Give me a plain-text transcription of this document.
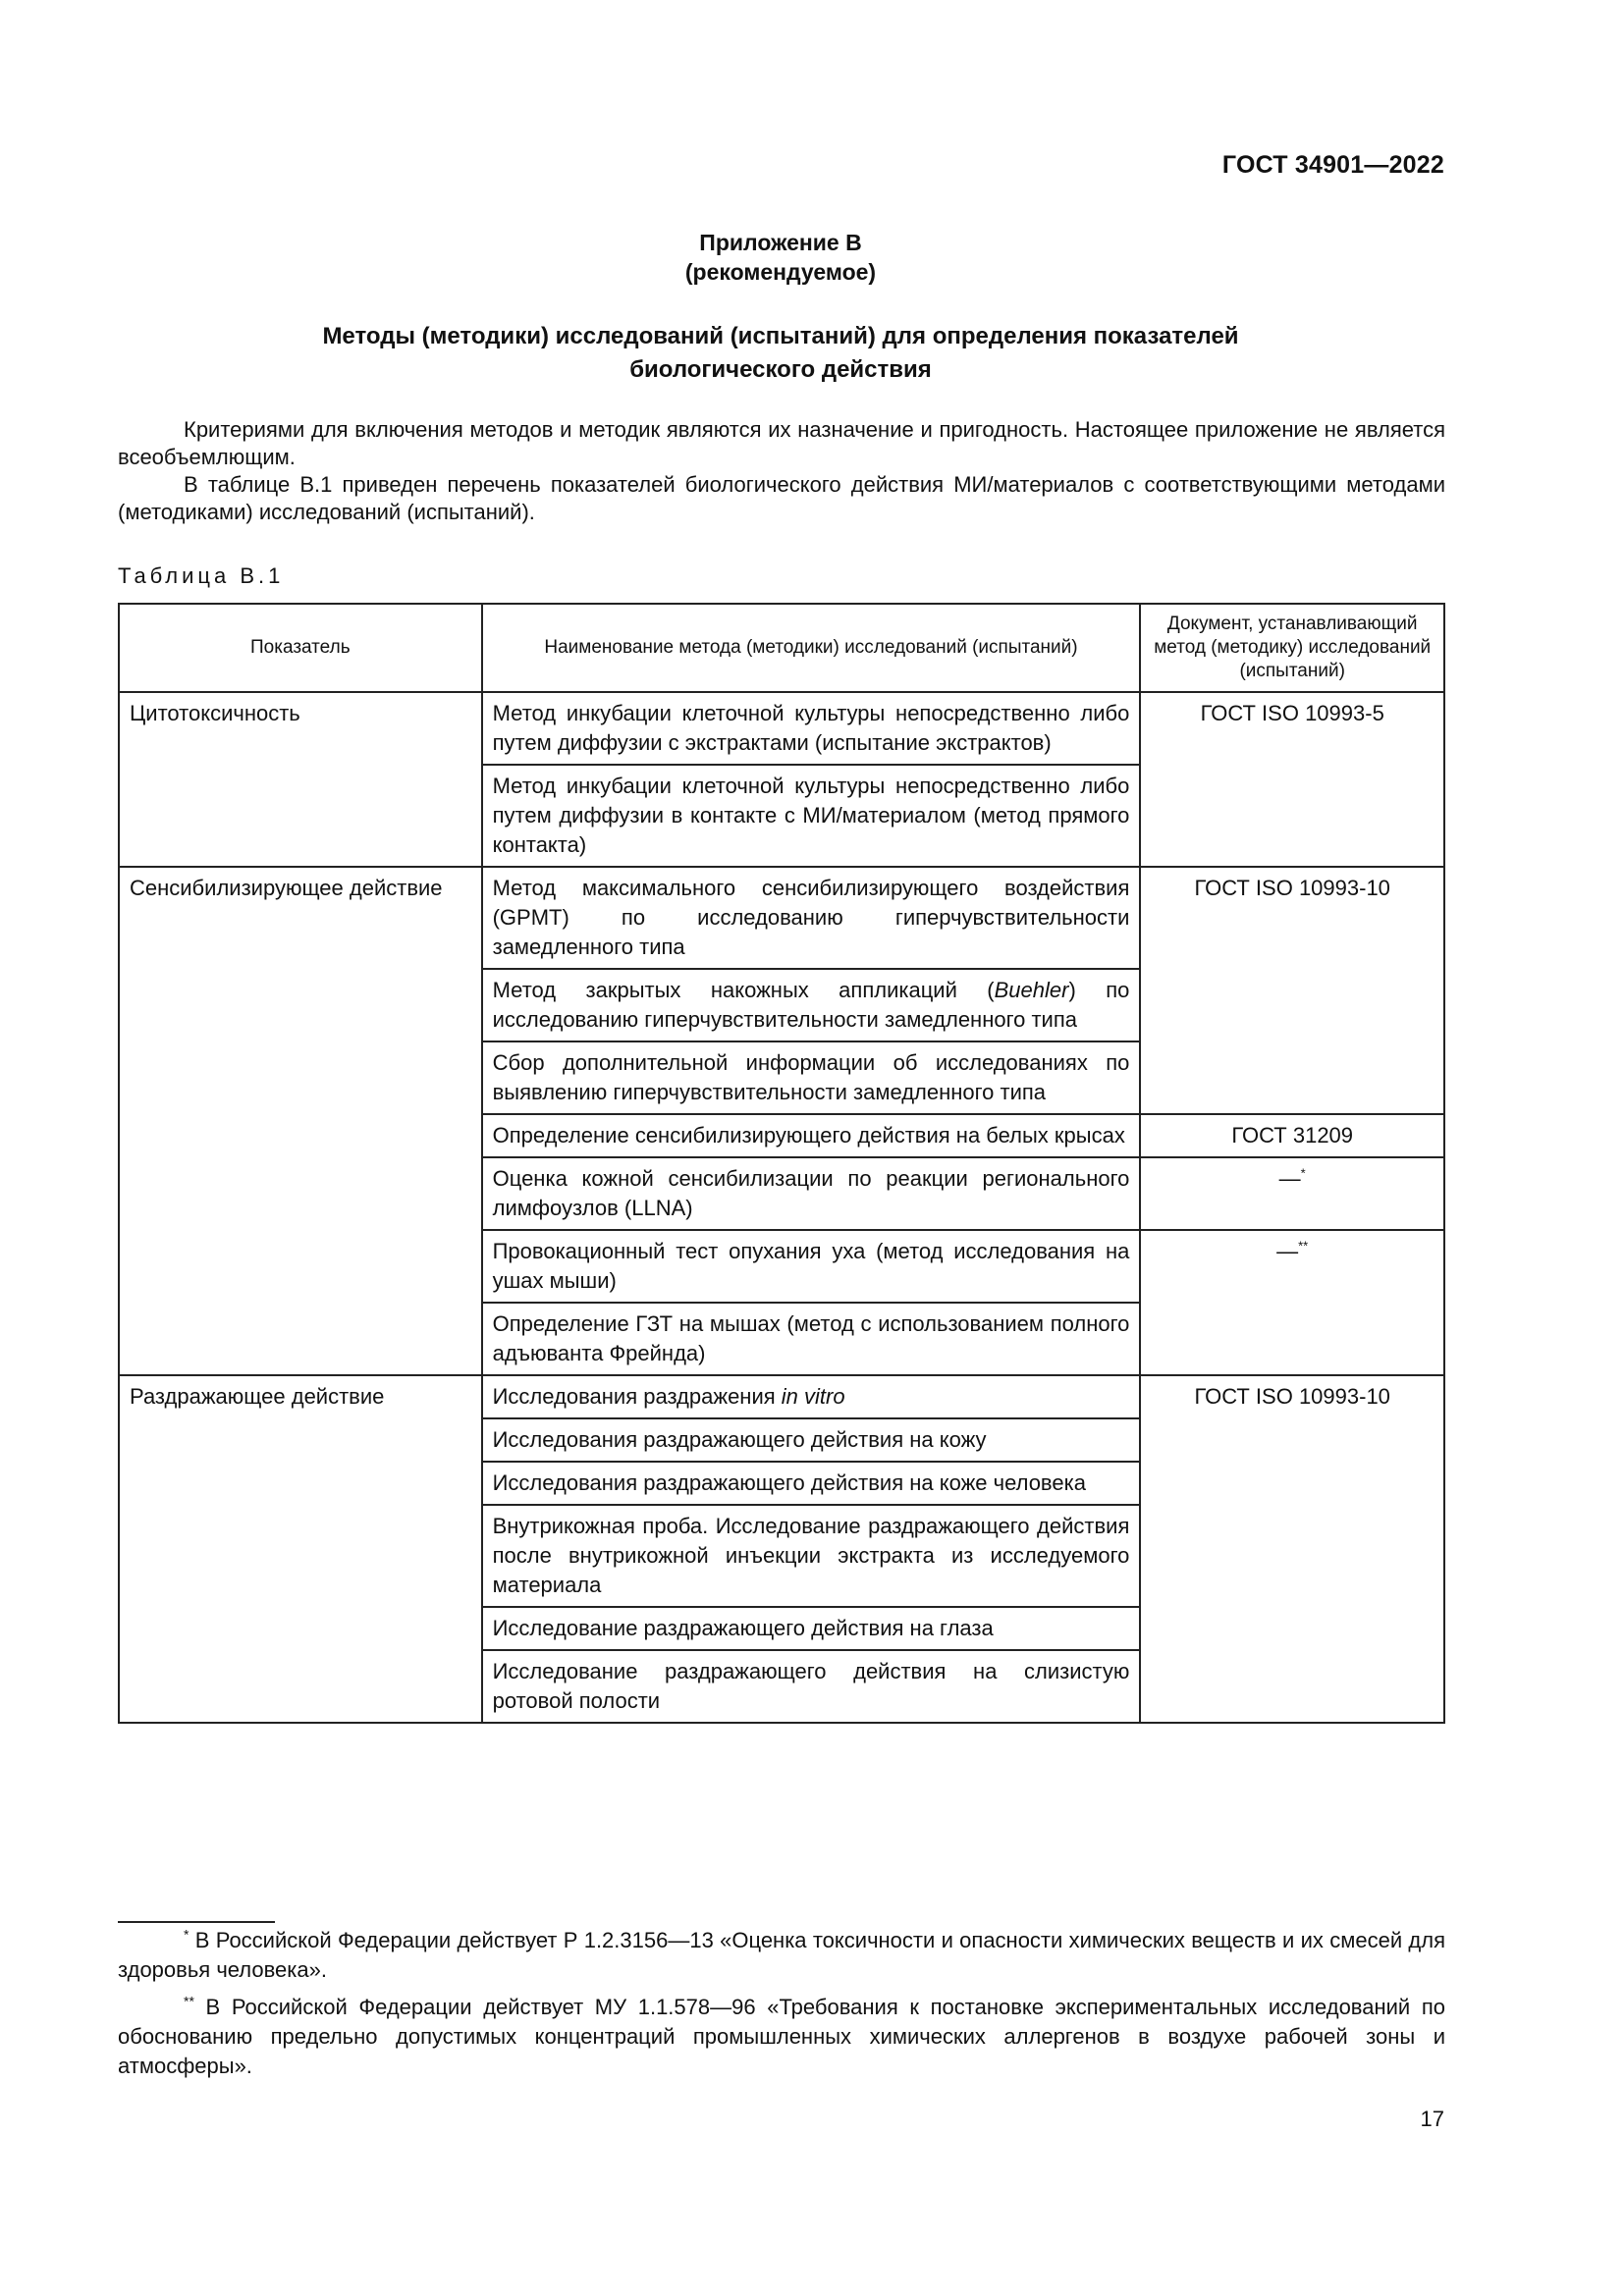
ГОСТ 34901—2022
Приложение В
(рекомендуемое)
Методы (методики) исследований (испытаний) для определения показателей
биологического действия

Критериями для включения методов и методик являются их назначение и пригодность. Настоящее приложение не является всеобъемлющим.

В таблице В.1 приведен перечень показателей биологического действия МИ/материалов с соответствующими методами (методиками) исследований (испытаний).

Таблица В.1
Показатель	Наименование метода (методики) исследований (испытаний)	Документ, устанавливающий метод (методику) исследований (испытаний)
Цитотоксичность	Метод инкубации клеточной культуры непосредственно либо путем диффузии с экстрактами (испытание экстрактов)	ГОСТ ISO 10993-5
	Метод инкубации клеточной культуры непосредственно либо путем диффузии в контакте с МИ/материалом (метод прямого контакта)	
Сенсибилизирующее действие	Метод максимального сенсибилизирующего воздействия (GPMT) по исследованию гиперчувствительности замедленного типа	ГОСТ ISO 10993-10
	Метод закрытых накожных аппликаций (Buehler) по исследованию гиперчувствительности замедленного типа	
	Сбор дополнительной информации об исследованиях по выявлению гиперчувствительности замедленного типа	
	Определение сенсибилизирующего действия на белых крысах	ГОСТ 31209
	Оценка кожной сенсибилизации по реакции регионального лимфоузлов (LLNA)	—*
	Провокационный тест опухания уха (метод исследования на ушах мыши)	—**
	Определение ГЗТ на мышах (метод с использованием полного адъюванта Фрейнда)	
Раздражающее действие	Исследования раздражения in vitro	ГОСТ ISO 10993-10
	Исследования раздражающего действия на кожу	
	Исследования раздражающего действия на коже человека	
	Внутрикожная проба. Исследование раздражающего действия после внутрикожной инъекции экстракта из исследуемого материала	
	Исследование раздражающего действия на глаза	
	Исследование раздражающего действия на слизистую ротовой полости	

* В Российской Федерации действует Р 1.2.3156—13 «Оценка токсичности и опасности химических веществ и их смесей для здоровья человека».

** В Российской Федерации действует МУ 1.1.578—96 «Требования к постановке экспериментальных исследований по обоснованию предельно допустимых концентраций промышленных химических аллергенов в воздухе рабочей зоны и атмосферы».

17
